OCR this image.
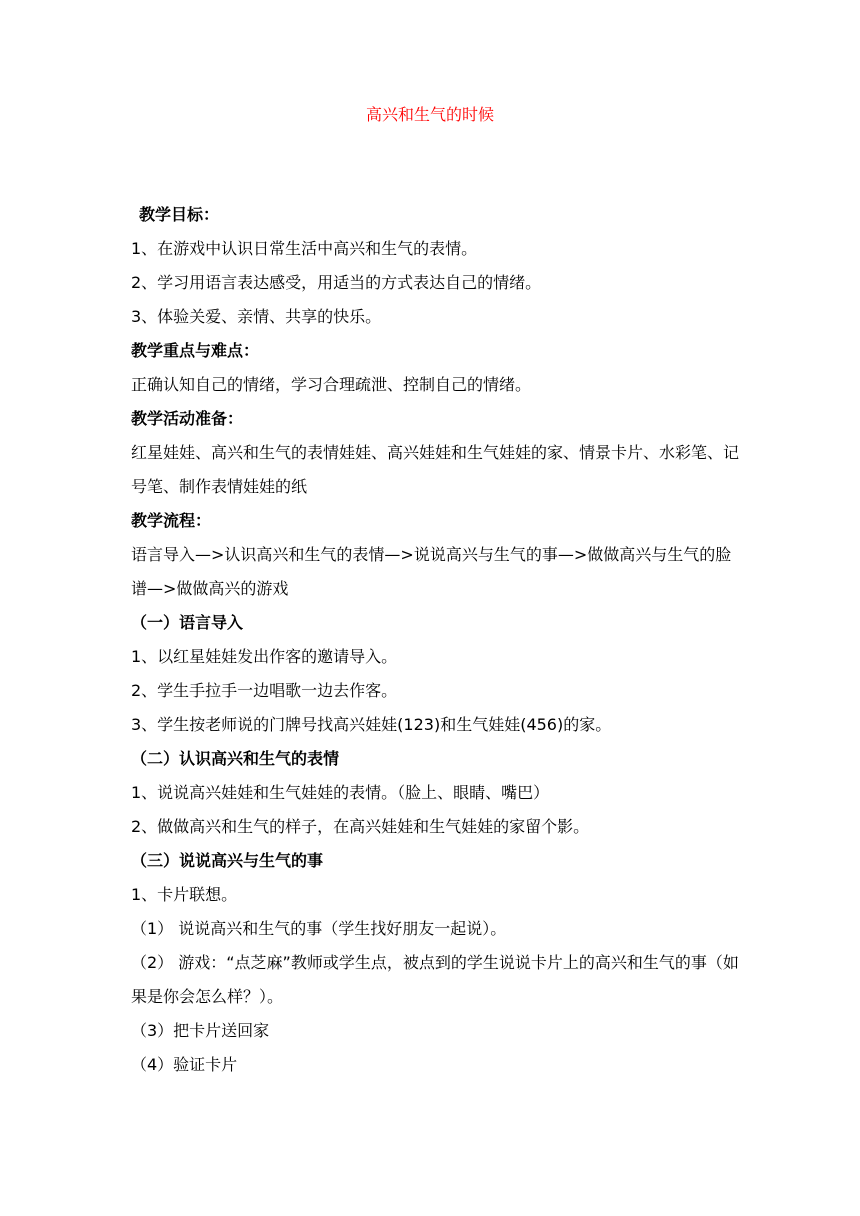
高兴和生气的时候
教学目标：
1、在游戏中认识日常生活中高兴和生气的表情。
2、学习用语言表达感受，用适当的方式表达自己的情绪。
3、体验关爱、亲情、共享的快乐。
教学重点与难点：
正确认知自己的情绪，学习合理疏泄、控制自己的情绪。
教学活动准备：
红星娃娃、高兴和生气的表情娃娃、高兴娃娃和生气娃娃的家、情景卡片、水彩笔、记号笔、制作表情娃娃的纸
教学流程：
语言导入—>认识高兴和生气的表情—>说说高兴与生气的事—>做做高兴与生气的脸谱—>做做高兴的游戏
（一）语言导入
1、以红星娃娃发出作客的邀请导入。
2、学生手拉手一边唱歌一边去作客。
3、学生按老师说的门牌号找高兴娃娃(123)和生气娃娃(456)的家。
（二）认识高兴和生气的表情
1、说说高兴娃娃和生气娃娃的表情。（脸上、眼睛、嘴巴）
2、做做高兴和生气的样子，在高兴娃娃和生气娃娃的家留个影。
（三）说说高兴与生气的事
1、卡片联想。
（1） 说说高兴和生气的事（学生找好朋友一起说）。
（2） 游戏：“点芝麻”教师或学生点，被点到的学生说说卡片上的高兴和生气的事（如果是你会怎么样？）。
（3）把卡片送回家
（4）验证卡片
